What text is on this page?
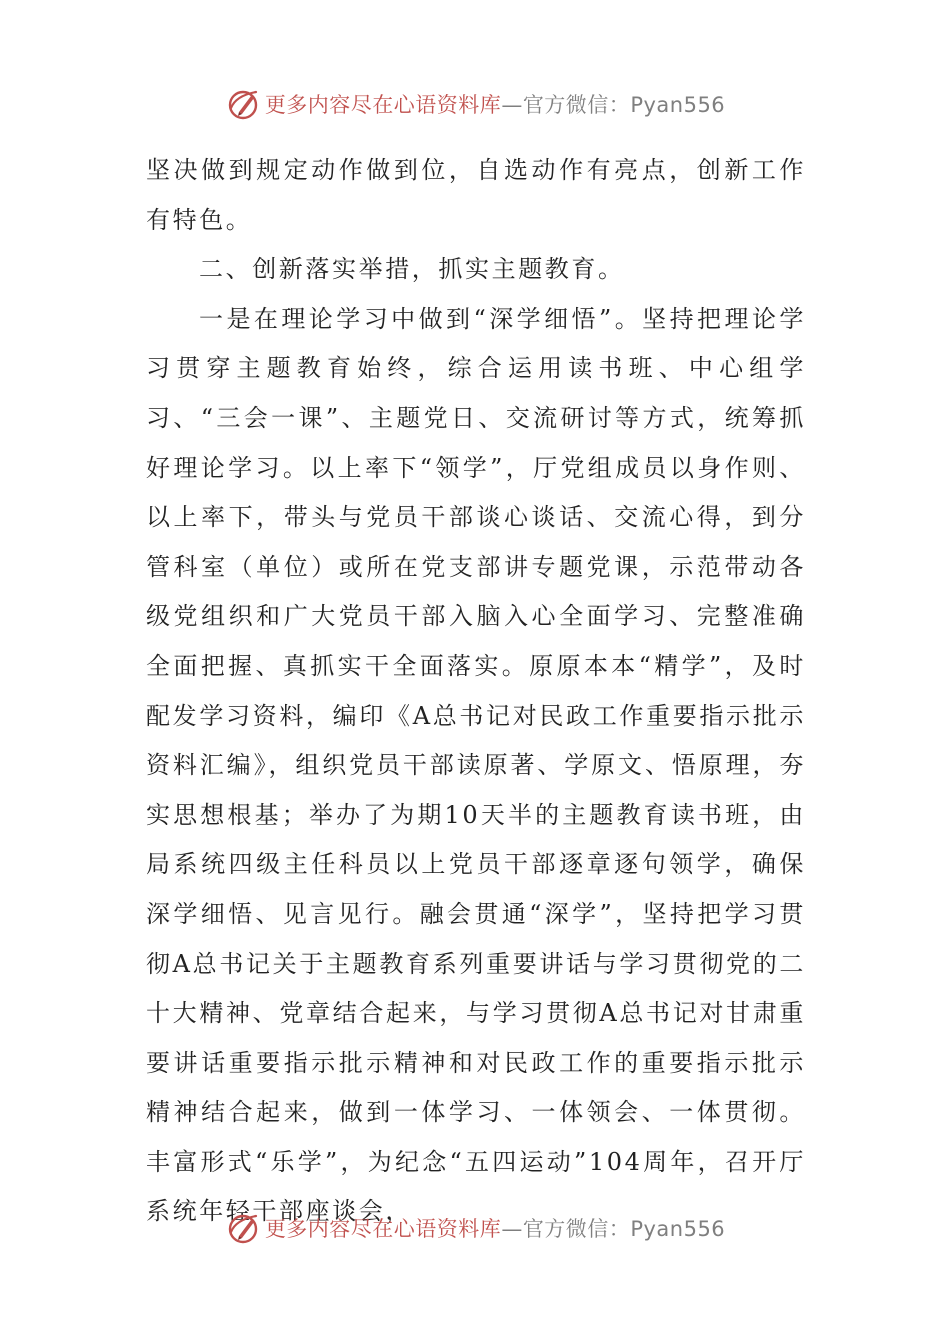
更多内容尽在心语资料库—官方微信：Pyan556

坚决做到规定动作做到位，自选动作有亮点，创新工作有特色。

二、创新落实举措，抓实主题教育。

一是在理论学习中做到“深学细悟”。坚持把理论学习贯穿主题教育始终，综合运用读书班、中心组学习、“三会一课”、主题党日、交流研讨等方式，统筹抓好理论学习。以上率下“领学”，厅党组成员以身作则、以上率下，带头与党员干部谈心谈话、交流心得，到分管科室（单位）或所在党支部讲专题党课，示范带动各级党组织和广大党员干部入脑入心全面学习、完整准确全面把握、真抓实干全面落实。原原本本“精学”，及时配发学习资料，编印《A总书记对民政工作重要指示批示资料汇编》，组织党员干部读原著、学原文、悟原理，夯实思想根基；举办了为期10天半的主题教育读书班，由局系统四级主任科员以上党员干部逐章逐句领学，确保深学细悟、见言见行。融会贯通“深学”，坚持把学习贯彻A总书记关于主题教育系列重要讲话与学习贯彻党的二十大精神、党章结合起来，与学习贯彻A总书记对甘肃重要讲话重要指示批示精神和对民政工作的重要指示批示精神结合起来，做到一体学习、一体领会、一体贯彻。丰富形式“乐学”，为纪念“五四运动”104周年，召开厅系统年轻干部座谈会，

更多内容尽在心语资料库—官方微信：Pyan556
